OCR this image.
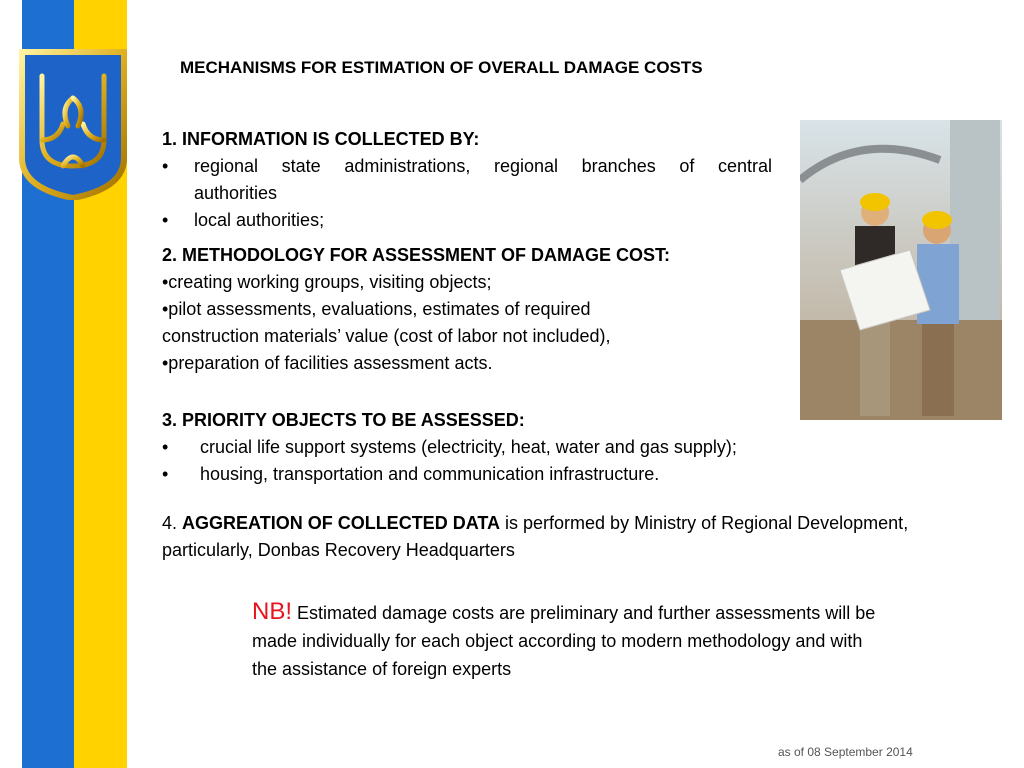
MECHANISMS FOR ESTIMATION OF OVERALL DAMAGE COSTS
1. INFORMATION IS COLLECTED BY:
•	regional state administrations, regional branches of central
authorities
• local authorities;
2. METHODOLOGY FOR ASSESSMENT OF DAMAGE COST:
•creating working groups, visiting objects;
•pilot assessments, evaluations, estimates of required
construction materials’ value (cost of labor not included),
•preparation of facilities assessment acts.
3. PRIORITY OBJECTS TO BE ASSESSED:
• crucial life support systems (electricity, heat, water and gas supply);
• housing, transportation and communication infrastructure.
4. AGGREATION OF COLLECTED DATA is performed by Ministry of Regional Development,
particularly, Donbas Recovery Headquarters
NB! Estimated damage costs are preliminary and further assessments will be
made individually for each object according to modern methodology and with
the assistance of foreign experts
as of 08 September 2014
